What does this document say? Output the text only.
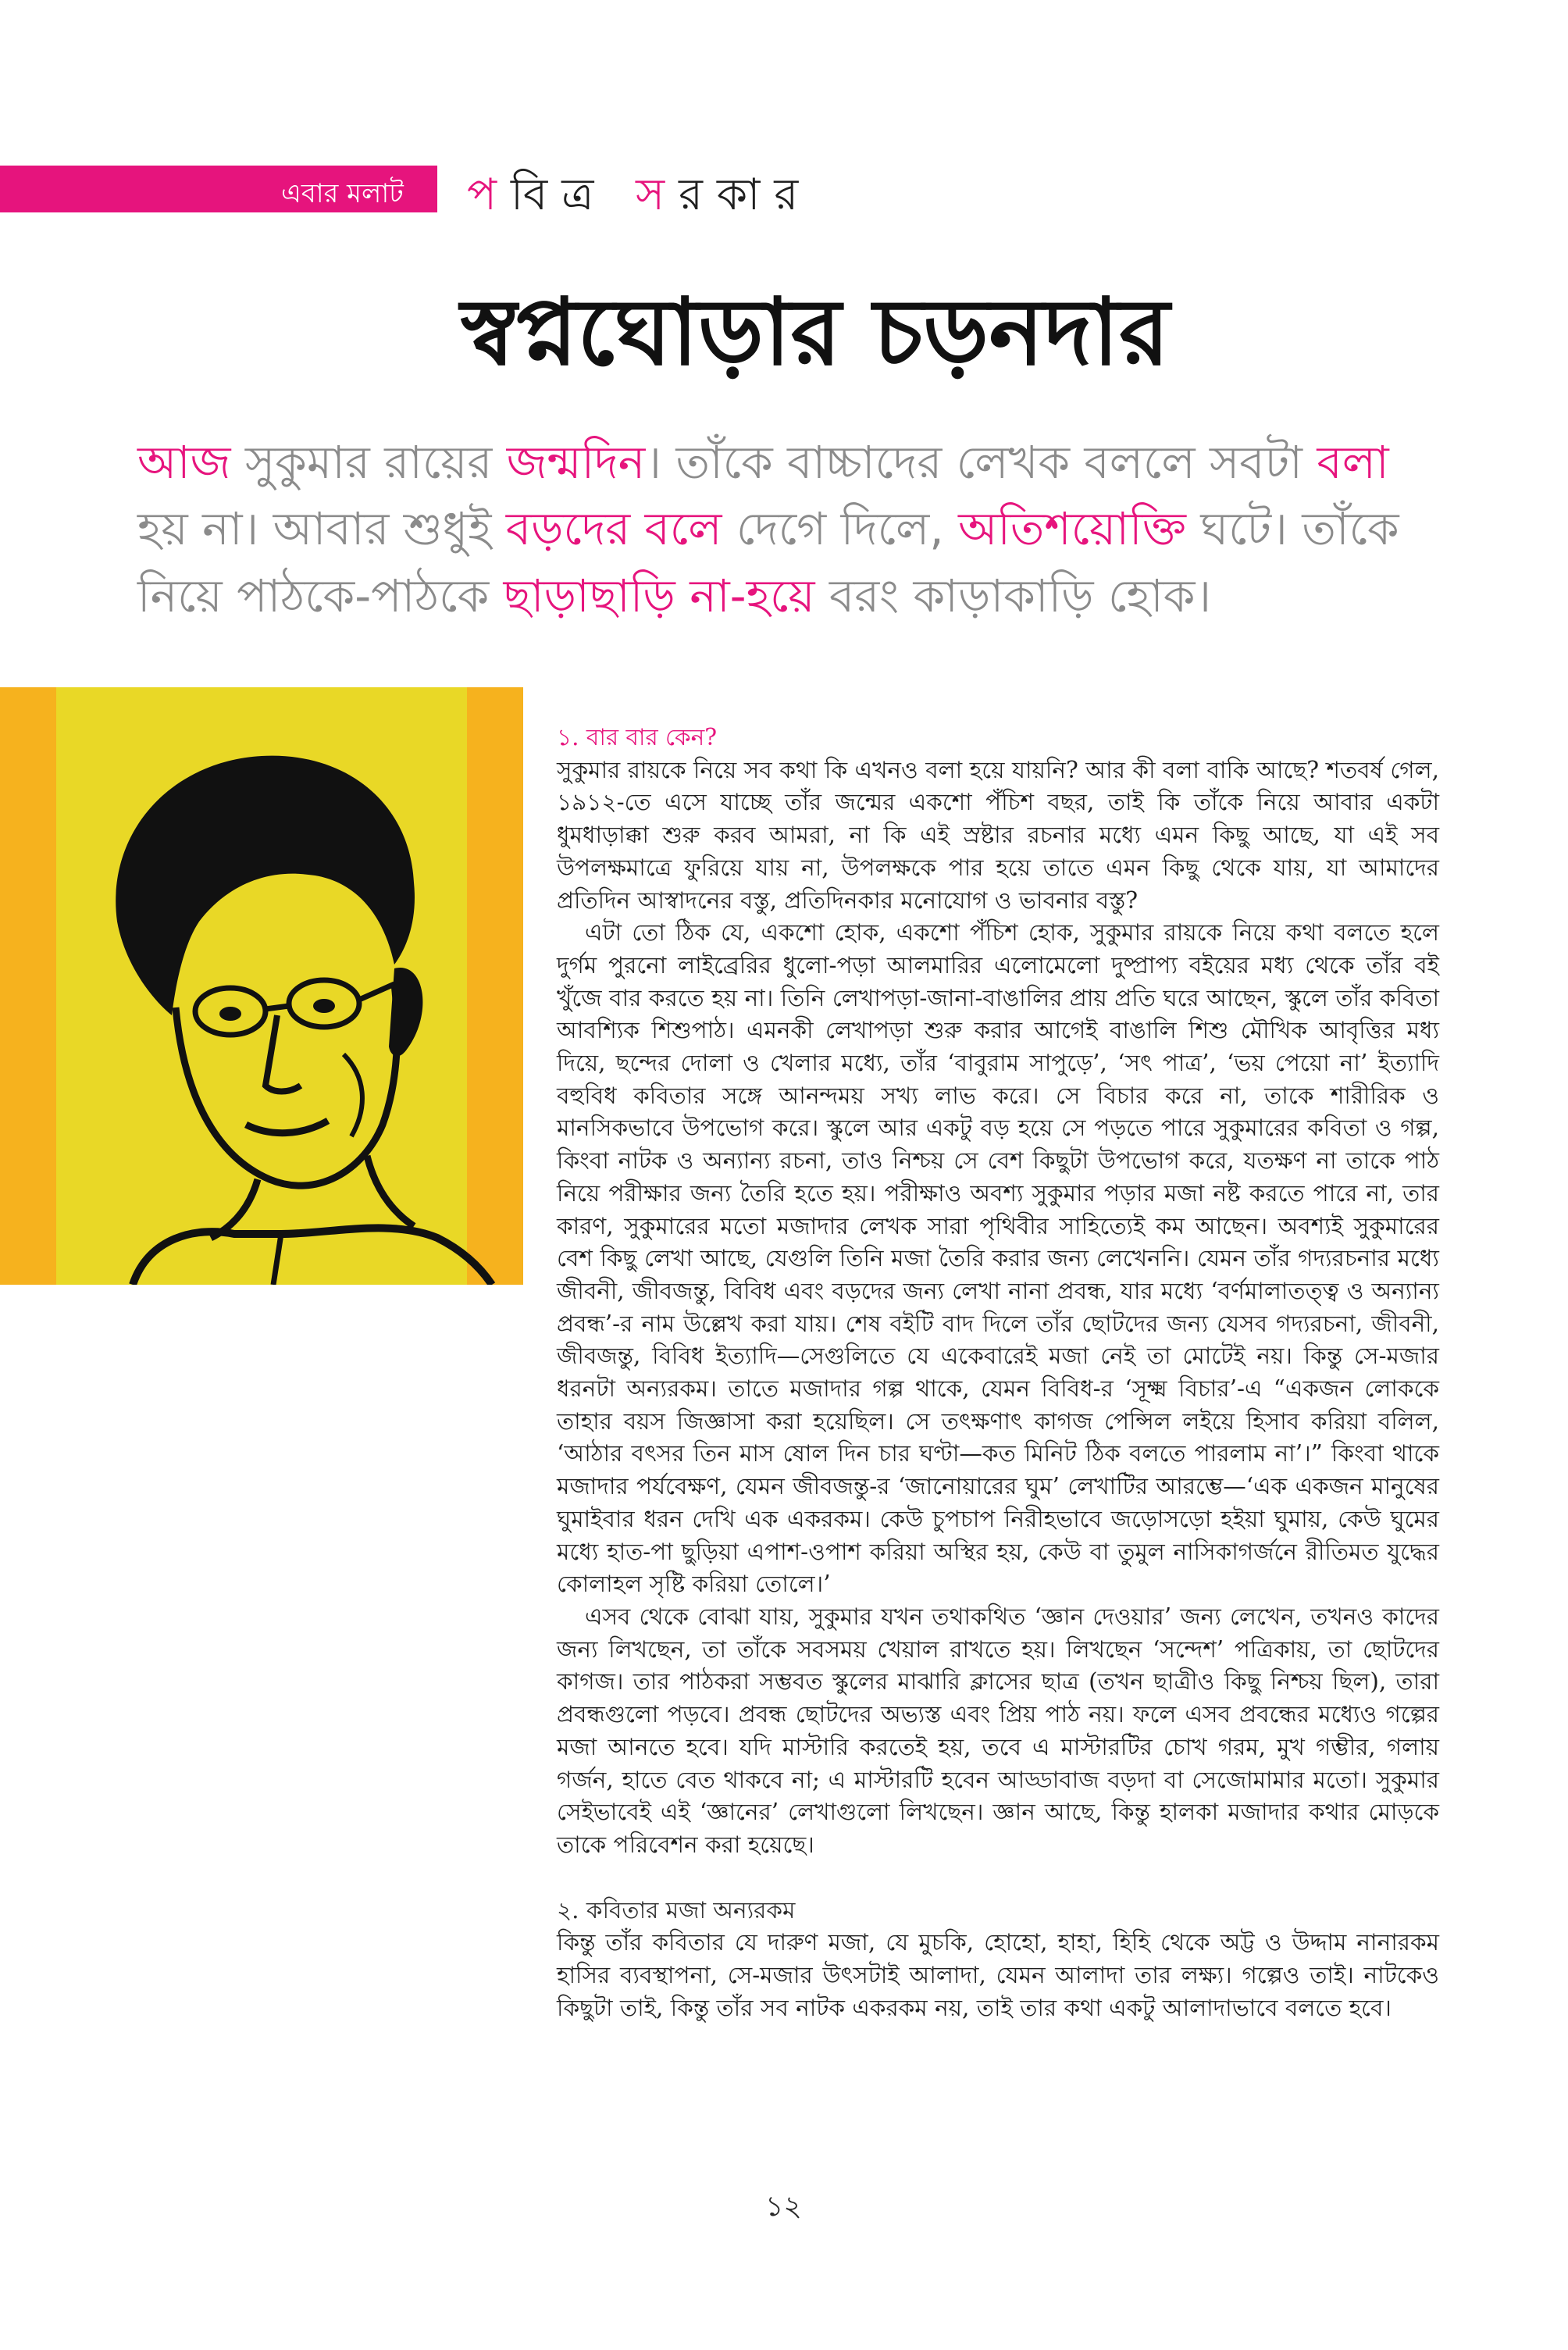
এবার মলাট পবিত্র সরকার
স্বপ্নঘোড়ার চড়নদার
আজ সুকুমার রায়ের জন্মদিন। তাঁকে বাচ্চাদের লেখক বললে সবটা বলা হয় না। আবার শুধুই বড়দের বলে দেগে দিলে, অতিশয়োক্তি ঘটে। তাঁকে নিয়ে পাঠকে-পাঠকে ছাড়াছাড়ি না-হয়ে বরং কাড়াকাড়ি হোক।
১. বার বার কেন?

সুকুমার রায়কে নিয়ে সব কথা কি এখনও বলা হয়ে যায়নি? আর কী বলা বাকি আছে? শতবর্ষ গেল, ১৯১২-তে এসে যাচ্ছে তাঁর জন্মের একশো পঁচিশ বছর, তাই কি তাঁকে নিয়ে আবার একটা ধুমধাড়াক্কা শুরু করব আমরা, না কি এই স্রষ্টার রচনার মধ্যে এমন কিছু আছে, যা এই সব উপলক্ষমাত্রে ফুরিয়ে যায় না, উপলক্ষকে পার হয়ে তাতে এমন কিছু থেকে যায়, যা আমাদের প্রতিদিন আস্বাদনের বস্তু, প্রতিদিনকার মনোযোগ ও ভাবনার বস্তু?

এটা তো ঠিক যে, একশো হোক, একশো পঁচিশ হোক, সুকুমার রায়কে নিয়ে কথা বলতে হলে দুর্গম পুরনো লাইব্রেরির ধুলো-পড়া আলমারির এলোমেলো দুষ্প্রাপ্য বইয়ের মধ্য থেকে তাঁর বই খুঁজে বার করতে হয় না। তিনি লেখাপড়া-জানা-বাঙালির প্রায় প্রতি ঘরে আছেন, স্কুলে তাঁর কবিতা আবশ্যিক শিশুপাঠ। এমনকী লেখাপড়া শুরু করার আগেই বাঙালি শিশু মৌখিক আবৃত্তির মধ্য দিয়ে, ছন্দের দোলা ও খেলার মধ্যে, তাঁর ‘বাবুরাম সাপুড়ে’, ‘সৎ পাত্র’, ‘ভয় পেয়ো না’ ইত্যাদি বহুবিধ কবিতার সঙ্গে আনন্দময় সখ্য লাভ করে। সে বিচার করে না, তাকে শারীরিক ও মানসিকভাবে উপভোগ করে। স্কুলে আর একটু বড় হয়ে সে পড়তে পারে সুকুমারের কবিতা ও গল্প, কিংবা নাটক ও অন্যান্য রচনা, তাও নিশ্চয় সে বেশ কিছুটা উপভোগ করে, যতক্ষণ না তাকে পাঠ নিয়ে পরীক্ষার জন্য তৈরি হতে হয়। পরীক্ষাও অবশ্য সুকুমার পড়ার মজা নষ্ট করতে পারে না, তার কারণ, সুকুমারের মতো মজাদার লেখক সারা পৃথিবীর সাহিত্যেই কম আছেন। অবশ্যই সুকুমারের বেশ কিছু লেখা আছে, যেগুলি তিনি মজা তৈরি করার জন্য লেখেননি। যেমন তাঁর গদ্যরচনার মধ্যে জীবনী, জীবজন্তু, বিবিধ এবং বড়দের জন্য লেখা নানা প্রবন্ধ, যার মধ্যে ‘বর্ণমালাতত্ত্ব ও অন্যান্য প্রবন্ধ’-র নাম উল্লেখ করা যায়। শেষ বইটি বাদ দিলে তাঁর ছোটদের জন্য যেসব গদ্যরচনা, জীবনী, জীবজন্তু, বিবিধ ইত্যাদি—সেগুলিতে যে একেবারেই মজা নেই তা মোটেই নয়। কিন্তু সে-মজার ধরনটা অন্যরকম। তাতে মজাদার গল্প থাকে, যেমন বিবিধ-র ‘সূক্ষ্ম বিচার’-এ “একজন লোককে তাহার বয়স জিজ্ঞাসা করা হয়েছিল। সে তৎক্ষণাৎ কাগজ পেন্সিল লইয়ে হিসাব করিয়া বলিল, ‘আঠার বৎসর তিন মাস ষোল দিন চার ঘণ্টা—কত মিনিট ঠিক বলতে পারলাম না’।” কিংবা থাকে মজাদার পর্যবেক্ষণ, যেমন জীবজন্তু-র ‘জানোয়ারের ঘুম’ লেখাটির আরম্ভে—‘এক একজন মানুষের ঘুমাইবার ধরন দেখি এক একরকম। কেউ চুপচাপ নিরীহভাবে জড়োসড়ো হইয়া ঘুমায়, কেউ ঘুমের মধ্যে হাত-পা ছুড়িয়া এপাশ-ওপাশ করিয়া অস্থির হয়, কেউ বা তুমুল নাসিকাগর্জনে রীতিমত যুদ্ধের কোলাহল সৃষ্টি করিয়া তোলে।’

এসব থেকে বোঝা যায়, সুকুমার যখন তথাকথিত ‘জ্ঞান দেওয়ার’ জন্য লেখেন, তখনও কাদের জন্য লিখছেন, তা তাঁকে সবসময় খেয়াল রাখতে হয়। লিখছেন ‘সন্দেশ’ পত্রিকায়, তা ছোটদের কাগজ। তার পাঠকরা সম্ভবত স্কুলের মাঝারি ক্লাসের ছাত্র (তখন ছাত্রীও কিছু নিশ্চয় ছিল), তারা প্রবন্ধগুলো পড়বে। প্রবন্ধ ছোটদের অভ্যস্ত এবং প্রিয় পাঠ নয়। ফলে এসব প্রবন্ধের মধ্যেও গল্পের মজা আনতে হবে। যদি মাস্টারি করতেই হয়, তবে এ মাস্টারটির চোখ গরম, মুখ গম্ভীর, গলায় গর্জন, হাতে বেত থাকবে না; এ মাস্টারটি হবেন আড্ডাবাজ বড়দা বা সেজোমামার মতো। সুকুমার সেইভাবেই এই ‘জ্ঞানের’ লেখাগুলো লিখছেন। জ্ঞান আছে, কিন্তু হালকা মজাদার কথার মোড়কে তাকে পরিবেশন করা হয়েছে।

২. কবিতার মজা অন্যরকম

কিন্তু তাঁর কবিতার যে দারুণ মজা, যে মুচকি, হোহো, হাহা, হিহি থেকে অট্ট ও উদ্দাম নানারকম হাসির ব্যবস্থাপনা, সে-মজার উৎসটাই আলাদা, যেমন আলাদা তার লক্ষ্য। গল্পেও তাই। নাটকেও কিছুটা তাই, কিন্তু তাঁর সব নাটক একরকম নয়, তাই তার কথা একটু আলাদাভাবে বলতে হবে।

১২
